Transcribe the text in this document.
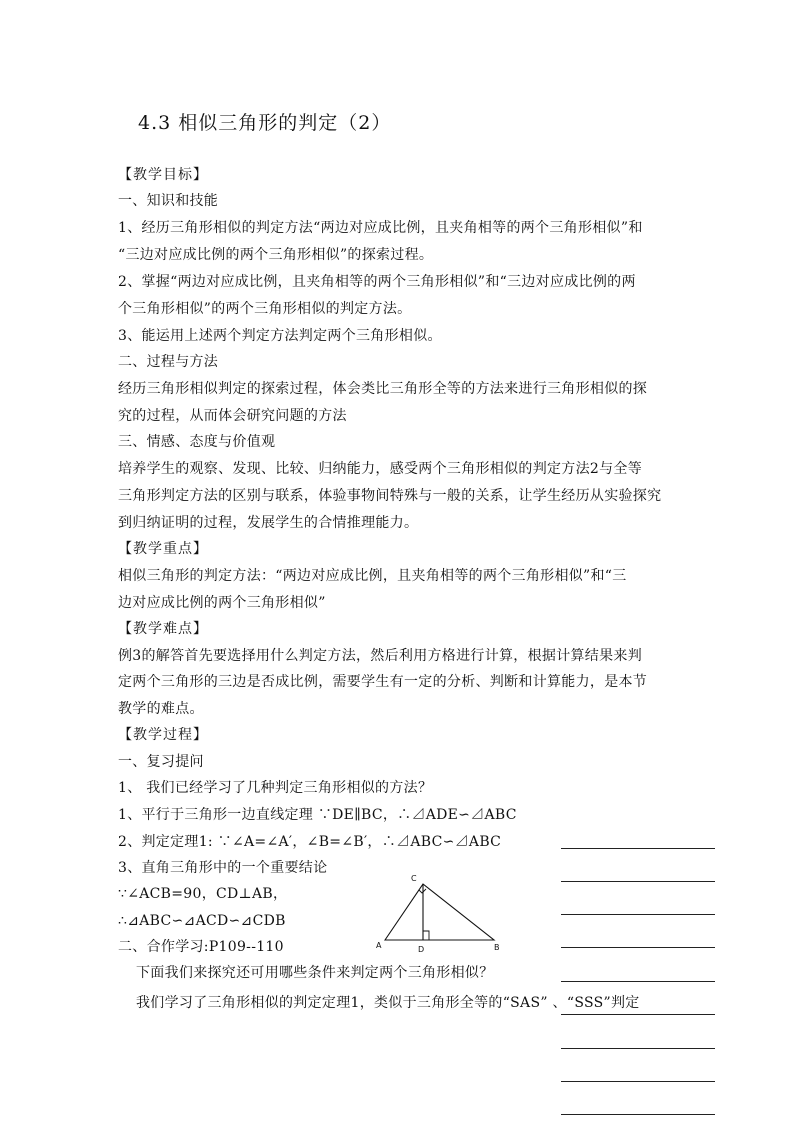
4.3 相似三角形的判定（2）
【教学目标】
一、知识和技能
1、经历三角形相似的判定方法“两边对应成比例，且夹角相等的两个三角形相似”和
“三边对应成比例的两个三角形相似”的探索过程。
2、掌握“两边对应成比例，且夹角相等的两个三角形相似”和“三边对应成比例的两
个三角形相似”的两个三角形相似的判定方法。
3、能运用上述两个判定方法判定两个三角形相似。
二、过程与方法
经历三角形相似判定的探索过程，体会类比三角形全等的方法来进行三角形相似的探
究的过程，从而体会研究问题的方法
三、情感、态度与价值观
培养学生的观察、发现、比较、归纳能力，感受两个三角形相似的判定方法2与全等
三角形判定方法的区别与联系，体验事物间特殊与一般的关系，让学生经历从实验探究
到归纳证明的过程，发展学生的合情推理能力。
【教学重点】
相似三角形的判定方法：“两边对应成比例，且夹角相等的两个三角形相似”和“三
边对应成比例的两个三角形相似”
【教学难点】
例3的解答首先要选择用什么判定方法，然后利用方格进行计算，根据计算结果来判
定两个三角形的三边是否成比例，需要学生有一定的分析、判断和计算能力，是本节
教学的难点。
【教学过程】
一、复习提问
1、 我们已经学习了几种判定三角形相似的方法？
1、平行于三角形一边直线定理 ∵DE∥BC，∴⊿ADE∽⊿ABC
2、判定定理1: ∵∠A=∠A′，∠B=∠B′，∴⊿ABC∽⊿ABC
3、直角三角形中的一个重要结论
∵∠ACB=90，CD⊥AB，
∴⊿ABC∽⊿ACD∽⊿CDB
二、合作学习:P109--110
下面我们来探究还可用哪些条件来判定两个三角形相似？
我们学习了三角形相似的判定定理1，类似于三角形全等的“SAS” 、“SSS”判定
C
A	D	B
